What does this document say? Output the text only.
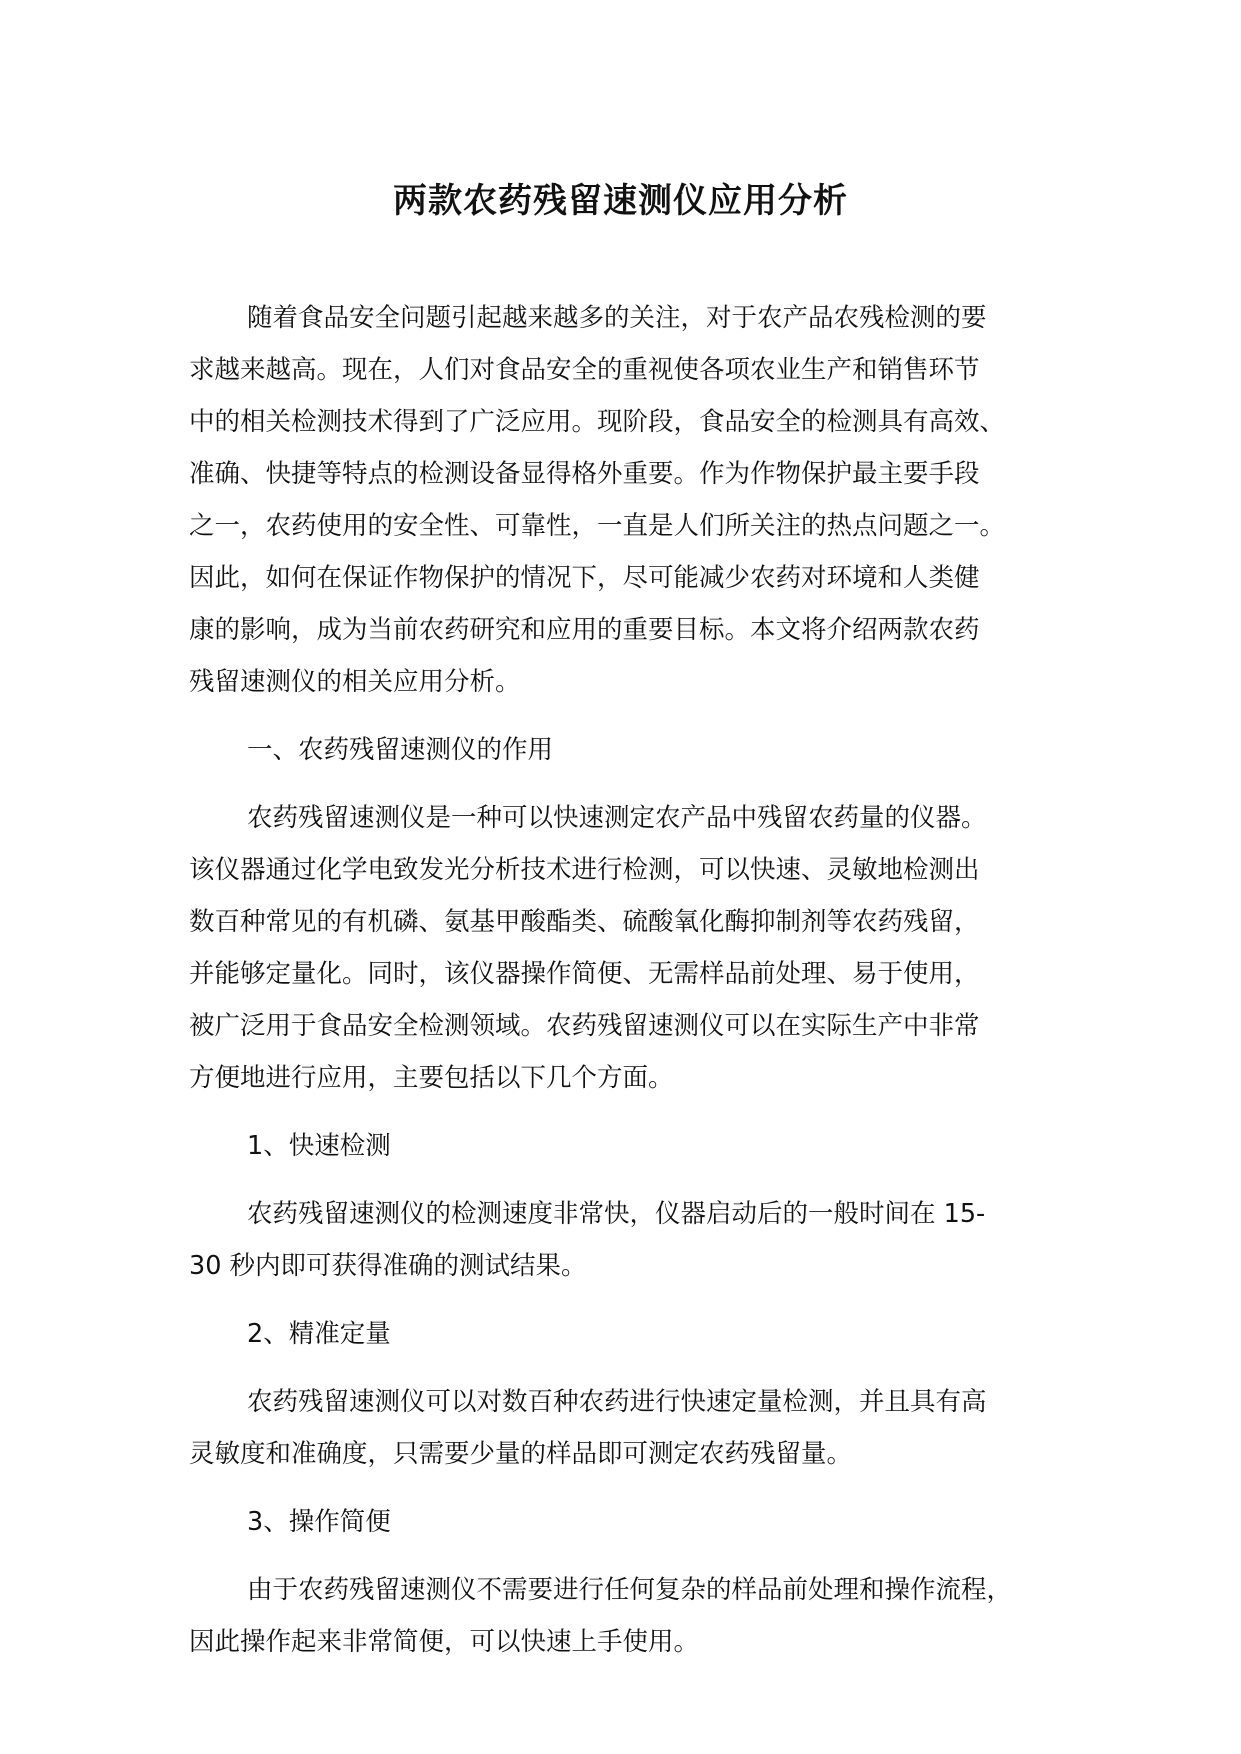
两款农药残留速测仪应用分析
随着食品安全问题引起越来越多的关注，对于农产品农残检测的要
求越来越高。现在，人们对食品安全的重视使各项农业生产和销售环节
中的相关检测技术得到了广泛应用。现阶段，食品安全的检测具有高效、
准确、快捷等特点的检测设备显得格外重要。作为作物保护最主要手段
之一，农药使用的安全性、可靠性，一直是人们所关注的热点问题之一。
因此，如何在保证作物保护的情况下，尽可能减少农药对环境和人类健
康的影响，成为当前农药研究和应用的重要目标。本文将介绍两款农药
残留速测仪的相关应用分析。
一、农药残留速测仪的作用
农药残留速测仪是一种可以快速测定农产品中残留农药量的仪器。
该仪器通过化学电致发光分析技术进行检测，可以快速、灵敏地检测出
数百种常见的有机磷、氨基甲酸酯类、硫酸氧化酶抑制剂等农药残留，
并能够定量化。同时，该仪器操作简便、无需样品前处理、易于使用，
被广泛用于食品安全检测领域。农药残留速测仪可以在实际生产中非常
方便地进行应用，主要包括以下几个方面。
1、快速检测
农药残留速测仪的检测速度非常快，仪器启动后的一般时间在 15-
30 秒内即可获得准确的测试结果。
2、精准定量
农药残留速测仪可以对数百种农药进行快速定量检测，并且具有高
灵敏度和准确度，只需要少量的样品即可测定农药残留量。
3、操作简便
由于农药残留速测仪不需要进行任何复杂的样品前处理和操作流程，
因此操作起来非常简便，可以快速上手使用。
